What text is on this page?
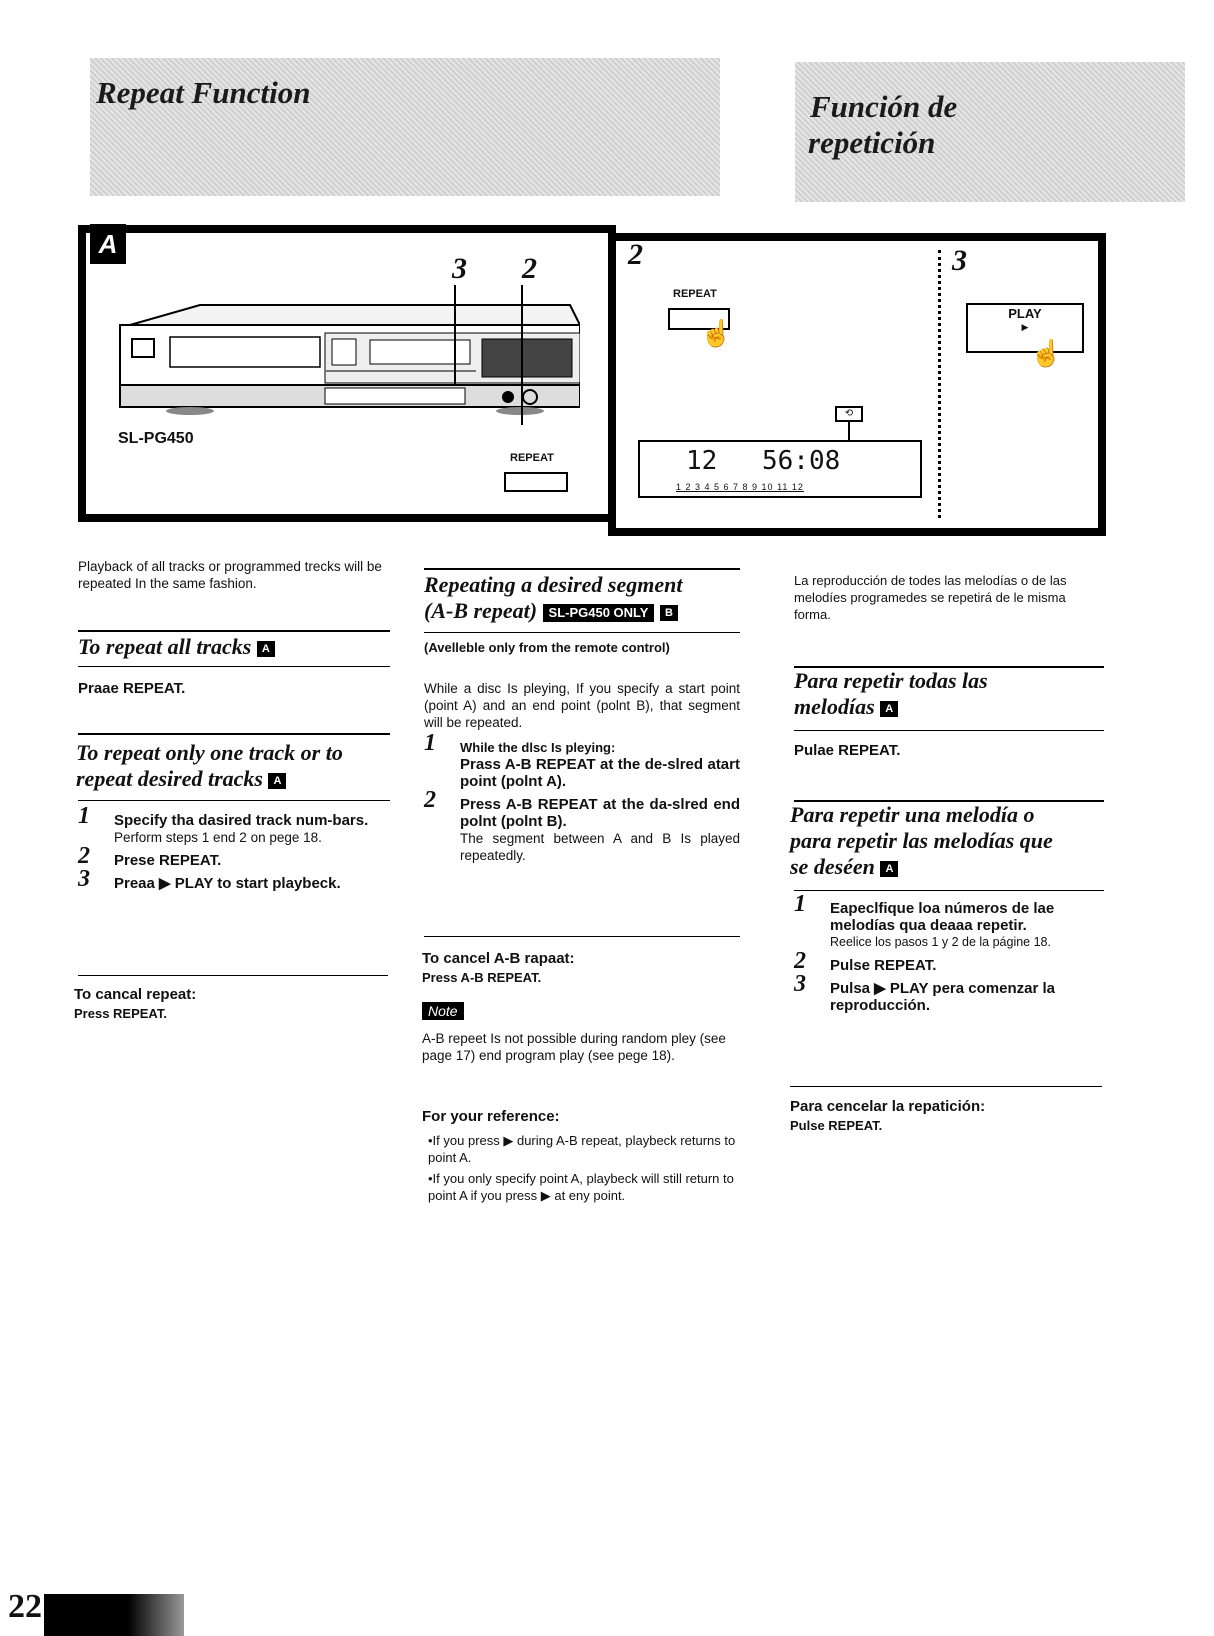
Repeat Function	Función de
repetición
A
3 2
SL-PG450
REPEAT
2
REPEAT
☝
3
PLAY
▶
☝
⟲
12 56:08
1 2 3 4 5 6 7 8 9 10 11 12
Playback of all tracks or programmed trecks will be repeated In the same fashion.
To repeat all tracks A
Praae REPEAT.
To repeat only one track or to
repeat desired tracks A
1 Specify tha dasired track num-bars.
Perform steps 1 end 2 on pege 18.
2 Prese REPEAT.
3 Preaa ▶ PLAY to start playbeck.
To cancal repeat:
Press REPEAT.
Repeating a desired segment
(A-B repeat) SL-PG450 ONLY B
(Avelleble only from the remote control)
While a disc Is pleying, If you specify a start point (point A) and an end point (polnt B), that segment will be repeated.
1 While the dlsc Is pleying:
Prass A-B REPEAT at the de-slred atart point (polnt A).
2 Press A-B REPEAT at the da-slred end polnt (polnt B).
The segment between A and B Is played repeatedly.
To cancel A-B rapaat:
Press A-B REPEAT.
Note
A-B repeet Is not possible during random pley (see page 17) end program play (see pege 18).
For your reference:
•If you press ▶ during A-B repeat, playbeck returns to point A.
•If you only specify point A, playbeck will still return to point A if you press ▶ at eny point.
La reproducción de todes las melodías o de las melodíes programedes se repetirá de le misma forma.
Para repetir todas las
melodías A
Pulae REPEAT.
Para repetir una melodía o
para repetir las melodías que
se deséen A
1 Eapeclfique loa números de lae melodías qua deaaa repetir.
Reelice los pasos 1 y 2 de la págine 18.
2 Pulse REPEAT.
3 Pulsa ▶ PLAY pera comenzar la reproducción.
Para cencelar la repatición:
Pulse REPEAT.
22
